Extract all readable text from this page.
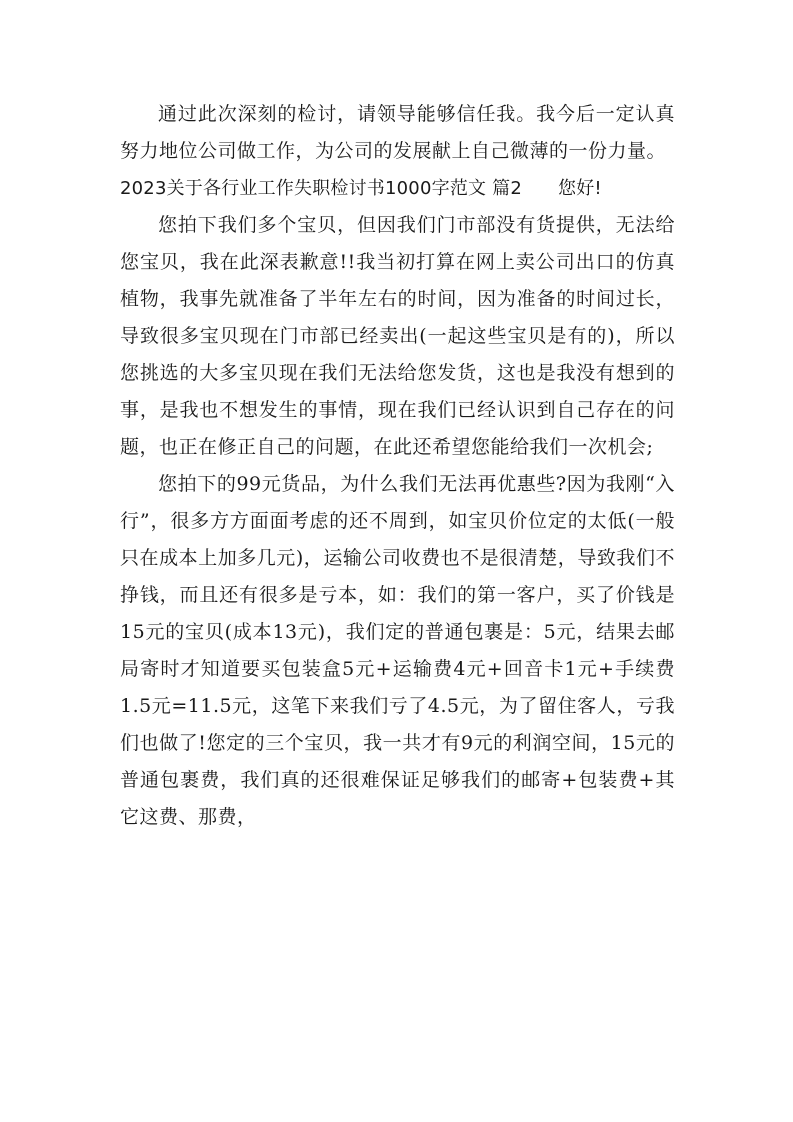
通过此次深刻的检讨，请领导能够信任我。我今后一定认真努力地位公司做工作，为公司的发展献上自己微薄的一份力量。

2023关于各行业工作失职检讨书1000字范文 篇2 您好!

您拍下我们多个宝贝，但因我们门市部没有货提供，无法给您宝贝，我在此深表歉意!!我当初打算在网上卖公司出口的仿真植物，我事先就准备了半年左右的时间，因为准备的时间过长，导致很多宝贝现在门市部已经卖出(一起这些宝贝是有的)，所以您挑选的大多宝贝现在我们无法给您发货，这也是我没有想到的事，是我也不想发生的事情，现在我们已经认识到自己存在的问题，也正在修正自己的问题，在此还希望您能给我们一次机会;

您拍下的99元货品，为什么我们无法再优惠些?因为我刚“入行”，很多方方面面考虑的还不周到，如宝贝价位定的太低(一般只在成本上加多几元)，运输公司收费也不是很清楚，导致我们不挣钱，而且还有很多是亏本，如：我们的第一客户，买了价钱是15元的宝贝(成本13元)，我们定的普通包裹是：5元，结果去邮局寄时才知道要买包装盒5元+运输费4元+回音卡1元+手续费1.5元=11.5元，这笔下来我们亏了4.5元，为了留住客人，亏我们也做了!您定的三个宝贝，我一共才有9元的利润空间，15元的普通包裹费，我们真的还很难保证足够我们的邮寄+包装费+其它这费、那费，
